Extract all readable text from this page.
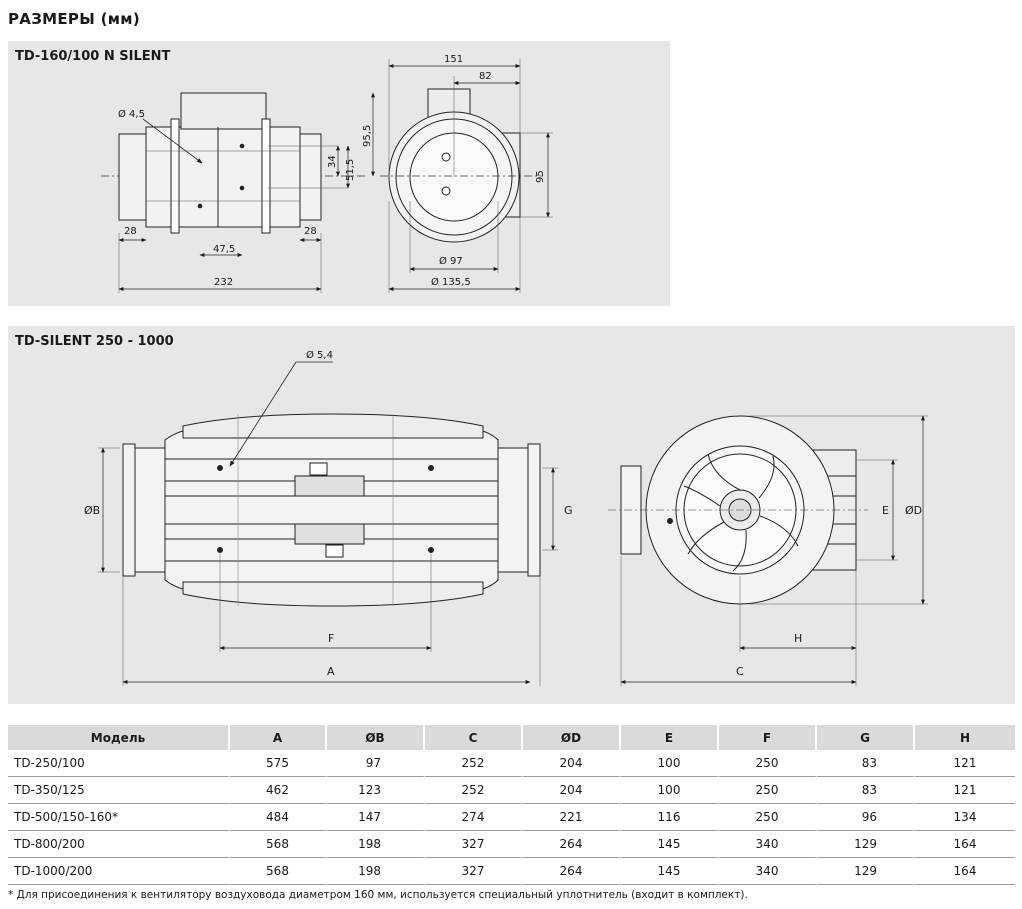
РАЗМЕРЫ (мм)
TD-160/100 N SILENT
Ø 4,5
34 51,5
95,5
28	28
47,5
232
151
82
95
Ø 97
Ø 135,5
TD-SILENT 250 - 1000
Ø 5,4
ØB	G
F
A
E ØD
H
C
Модель	A	ØB	C	ØD	E	F	G	H
TD-250/100	575	97	252	204	100	250	83	121
TD-350/125	462	123	252	204	100	250	83	121
TD-500/150-160*	484	147	274	221	116	250	96	134
TD-800/200	568	198	327	264	145	340	129	164
TD-1000/200	568	198	327	264	145	340	129	164
* Для присоединения к вентилятору воздуховода диаметром 160 мм, используется специальный уплотнитель (входит в комплект).
